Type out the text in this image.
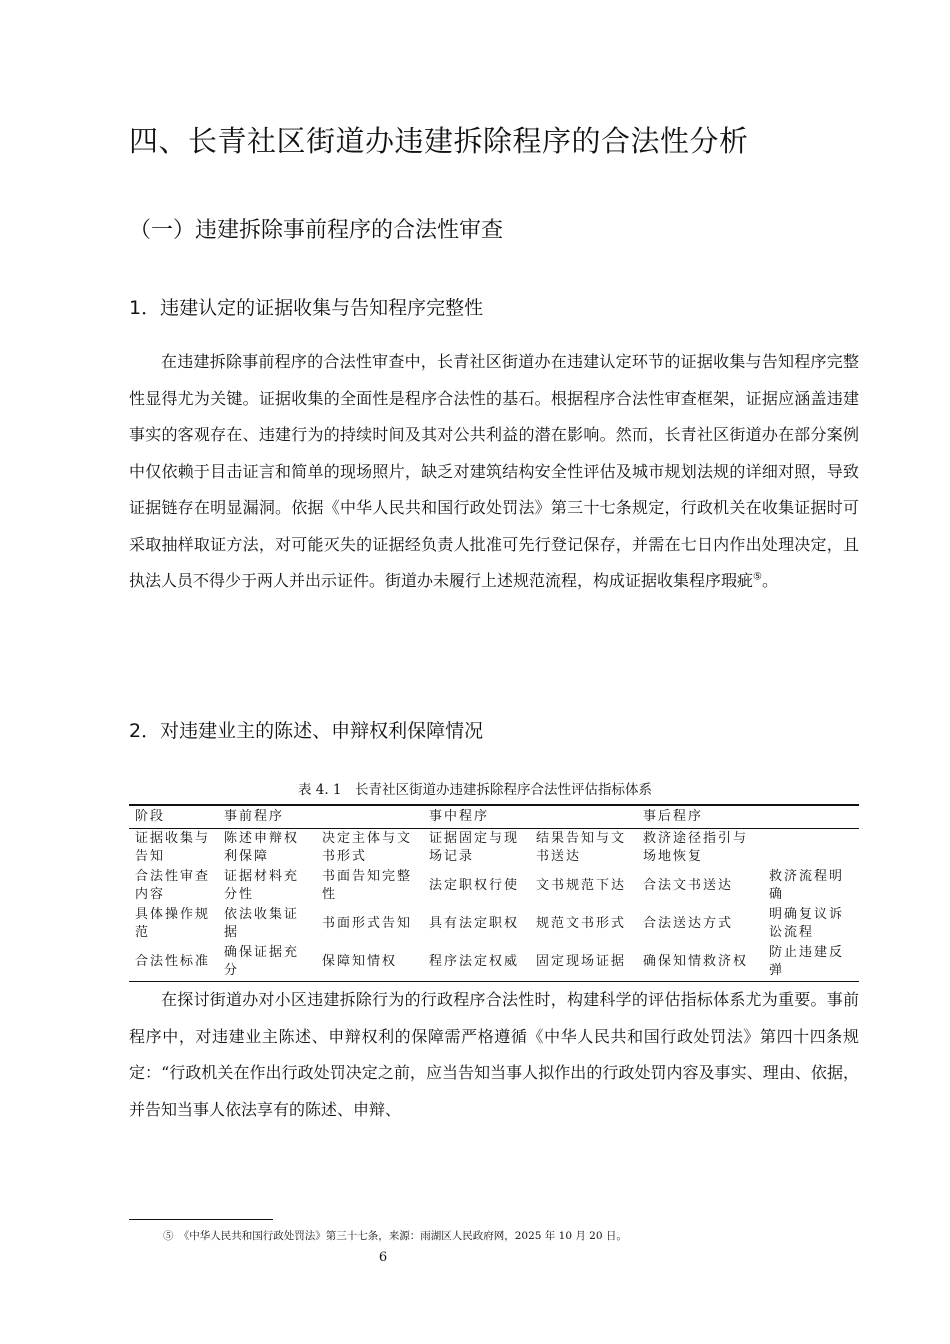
四、长青社区街道办违建拆除程序的合法性分析
（一）违建拆除事前程序的合法性审查
1．违建认定的证据收集与告知程序完整性
在违建拆除事前程序的合法性审查中，长青社区街道办在违建认定环节的证据收集与告知程序完整性显得尤为关键。证据收集的全面性是程序合法性的基石。根据程序合法性审查框架，证据应涵盖违建事实的客观存在、违建行为的持续时间及其对公共利益的潜在影响。然而，长青社区街道办在部分案例中仅依赖于目击证言和简单的现场照片，缺乏对建筑结构安全性评估及城市规划法规的详细对照，导致证据链存在明显漏洞。依据《中华人民共和国行政处罚法》第三十七条规定，行政机关在收集证据时可采取抽样取证方法，对可能灭失的证据经负责人批准可先行登记保存，并需在七日内作出处理决定，且执法人员不得少于两人并出示证件。街道办未履行上述规范流程，构成证据收集程序瑕疵⑤。
2．对违建业主的陈述、申辩权利保障情况
表 4. 1　长青社区街道办违建拆除程序合法性评估指标体系
阶段	事前程序		事中程序		事后程序	
证据收集与告知	陈述申辩权利保障	决定主体与文书形式	证据固定与现场记录	结果告知与文书送达	救济途径指引与场地恢复	
合法性审查内容	证据材料充分性	书面告知完整性	法定职权行使	文书规范下达	合法文书送达	救济流程明确
具体操作规范	依法收集证据	书面形式告知	具有法定职权	规范文书形式	合法送达方式	明确复议诉讼流程
合法性标准	确保证据充分	保障知情权	程序法定权威	固定现场证据	确保知情救济权	防止违建反弹
在探讨街道办对小区违建拆除行为的行政程序合法性时，构建科学的评估指标体系尤为重要。事前程序中，对违建业主陈述、申辩权利的保障需严格遵循《中华人民共和国行政处罚法》第四十四条规定：“行政机关在作出行政处罚决定之前，应当告知当事人拟作出的行政处罚内容及事实、理由、依据，并告知当事人依法享有的陈述、申辩、
⑤　《中华人民共和国行政处罚法》第三十七条，来源：雨湖区人民政府网，2025 年 10 月 20 日。
6
